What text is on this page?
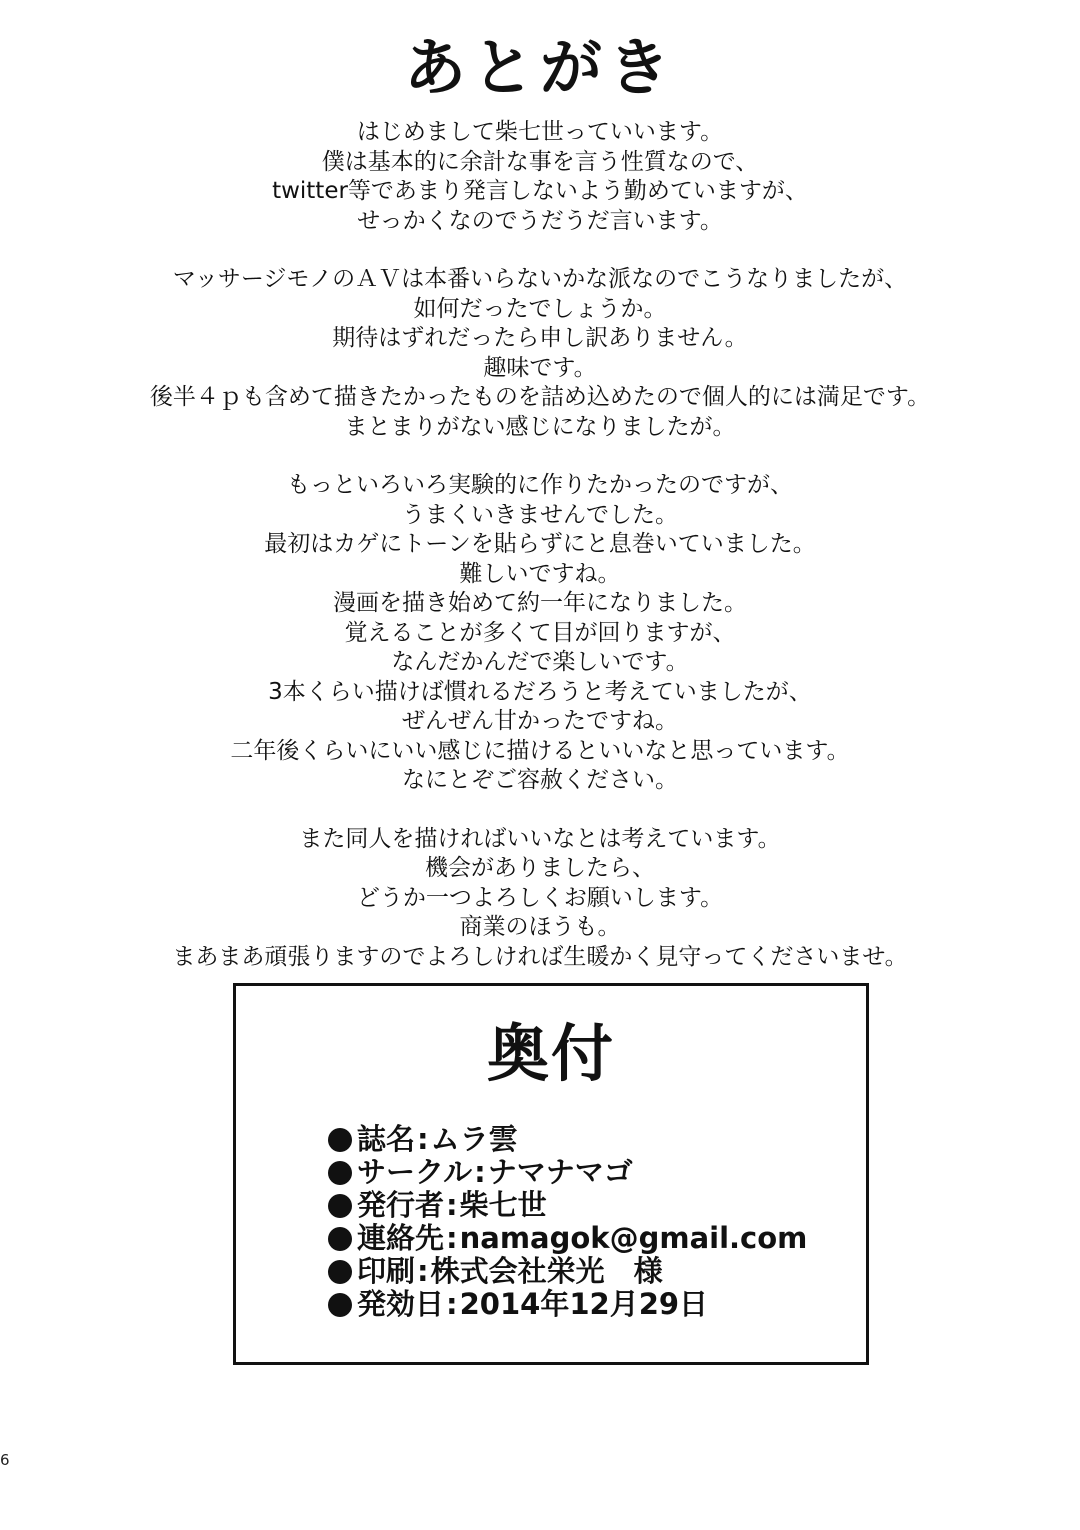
あとがき
はじめまして柴七世っていいます。
僕は基本的に余計な事を言う性質なので、
twitter等であまり発言しないよう勤めていますが、
せっかくなのでうだうだ言います。
マッサージモノのＡＶは本番いらないかな派なのでこうなりましたが、
如何だったでしょうか。
期待はずれだったら申し訳ありません。
趣味です。
後半４ｐも含めて描きたかったものを詰め込めたので個人的には満足です。
まとまりがない感じになりましたが。
もっといろいろ実験的に作りたかったのですが、
うまくいきませんでした。
最初はカゲにトーンを貼らずにと息巻いていました。
難しいですね。
漫画を描き始めて約一年になりました。
覚えることが多くて目が回りますが、
なんだかんだで楽しいです。
3本くらい描けば慣れるだろうと考えていましたが、
ぜんぜん甘かったですね。
二年後くらいにいい感じに描けるといいなと思っています。
なにとぞご容赦ください。
また同人を描ければいいなとは考えています。
機会がありましたら、
どうか一つよろしくお願いします。
商業のほうも。
まあまあ頑張りますのでよろしければ生暖かく見守ってくださいませ。
奥付
誌名 : ムラ雲
サークル : ナマナマゴ
発行者 : 柴七世
連絡先 : namagok@gmail.com
印刷 : 株式会社栄光　様
発効日 : 2014年12月29日
6
